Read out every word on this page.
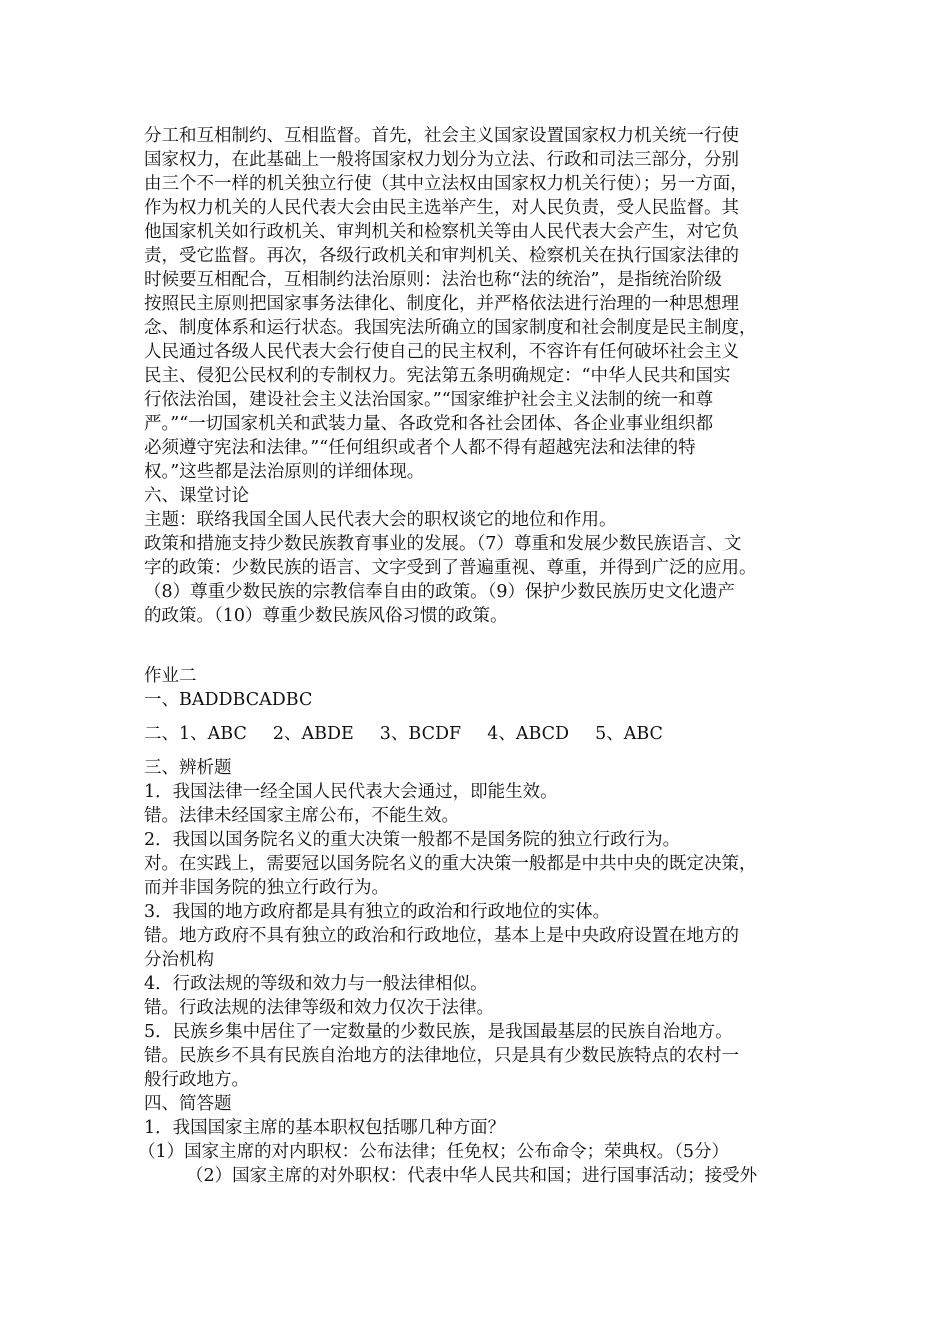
分工和互相制约、互相监督。首先，社会主义国家设置国家权力机关统一行使
国家权力，在此基础上一般将国家权力划分为立法、行政和司法三部分，分别
由三个不一样的机关独立行使（其中立法权由国家权力机关行使）；另一方面，
作为权力机关的人民代表大会由民主选举产生，对人民负责，受人民监督。其
他国家机关如行政机关、审判机关和检察机关等由人民代表大会产生，对它负
责，受它监督。再次，各级行政机关和审判机关、检察机关在执行国家法律的
时候要互相配合，互相制约法治原则：法治也称“法的统治”，是指统治阶级
按照民主原则把国家事务法律化、制度化，并严格依法进行治理的一种思想理
念、制度体系和运行状态。我国宪法所确立的国家制度和社会制度是民主制度，
人民通过各级人民代表大会行使自己的民主权利，不容许有任何破坏社会主义
民主、侵犯公民权利的专制权力。宪法第五条明确规定：“中华人民共和国实
行依法治国，建设社会主义法治国家。”“国家维护社会主义法制的统一和尊
严。”“一切国家机关和武装力量、各政党和各社会团体、各企业事业组织都
必须遵守宪法和法律。”“任何组织或者个人都不得有超越宪法和法律的特
权。”这些都是法治原则的详细体现。
六、课堂讨论
主题：联络我国全国人民代表大会的职权谈它的地位和作用。
政策和措施支持少数民族教育事业的发展。（7）尊重和发展少数民族语言、文
字的政策：少数民族的语言、文字受到了普遍重视、尊重，并得到广泛的应用。
（8）尊重少数民族的宗教信奉自由的政策。（9）保护少数民族历史文化遗产
的政策。（10）尊重少数民族风俗习惯的政策。
作业二
一、BADDBCADBC
二、1、ABC 2、ABDE 3、BCDF 4、ABCD 5、ABC
三、辨析题
1．我国法律一经全国人民代表大会通过，即能生效。
错。法律未经国家主席公布，不能生效。
2．我国以国务院名义的重大决策一般都不是国务院的独立行政行为。
对。在实践上，需要冠以国务院名义的重大决策一般都是中共中央的既定决策，
而并非国务院的独立行政行为。
3．我国的地方政府都是具有独立的政治和行政地位的实体。
错。地方政府不具有独立的政治和行政地位，基本上是中央政府设置在地方的
分治机构
4．行政法规的等级和效力与一般法律相似。
错。行政法规的法律等级和效力仅次于法律。
5．民族乡集中居住了一定数量的少数民族，是我国最基层的民族自治地方。
错。民族乡不具有民族自治地方的法律地位，只是具有少数民族特点的农村一
般行政地方。
四、简答题
1．我国国家主席的基本职权包括哪几种方面？
（1）国家主席的对内职权：公布法律；任免权；公布命令；荣典权。（5分）
（2）国家主席的对外职权：代表中华人民共和国；进行国事活动；接受外
